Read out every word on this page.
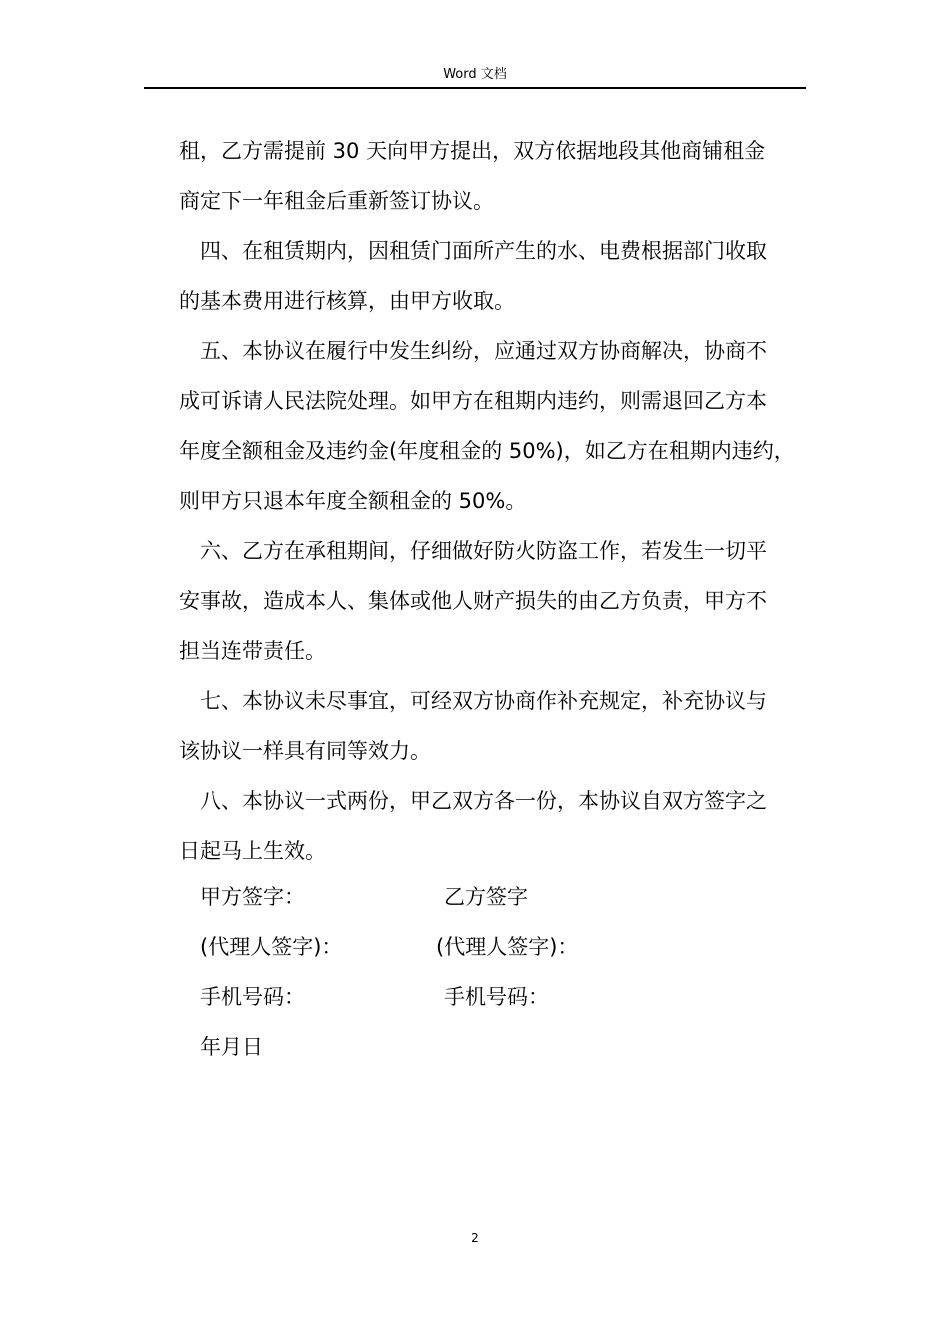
Word 文档
租，乙方需提前 30 天向甲方提出，双方依据地段其他商铺租金
商定下一年租金后重新签订协议。
四、在租赁期内，因租赁门面所产生的水、电费根据部门收取
的基本费用进行核算，由甲方收取。
五、本协议在履行中发生纠纷，应通过双方协商解决，协商不
成可诉请人民法院处理。如甲方在租期内违约，则需退回乙方本
年度全额租金及违约金(年度租金的 50%)，如乙方在租期内违约，
则甲方只退本年度全额租金的 50%。
六、乙方在承租期间，仔细做好防火防盗工作，若发生一切平
安事故，造成本人、集体或他人财产损失的由乙方负责，甲方不
担当连带责任。
七、本协议未尽事宜，可经双方协商作补充规定，补充协议与
该协议一样具有同等效力。
八、本协议一式两份，甲乙双方各一份，本协议自双方签字之
日起马上生效。
甲方签字：	乙方签字
(代理人签字)：	(代理人签字)：
手机号码：	手机号码：
年月日
2
